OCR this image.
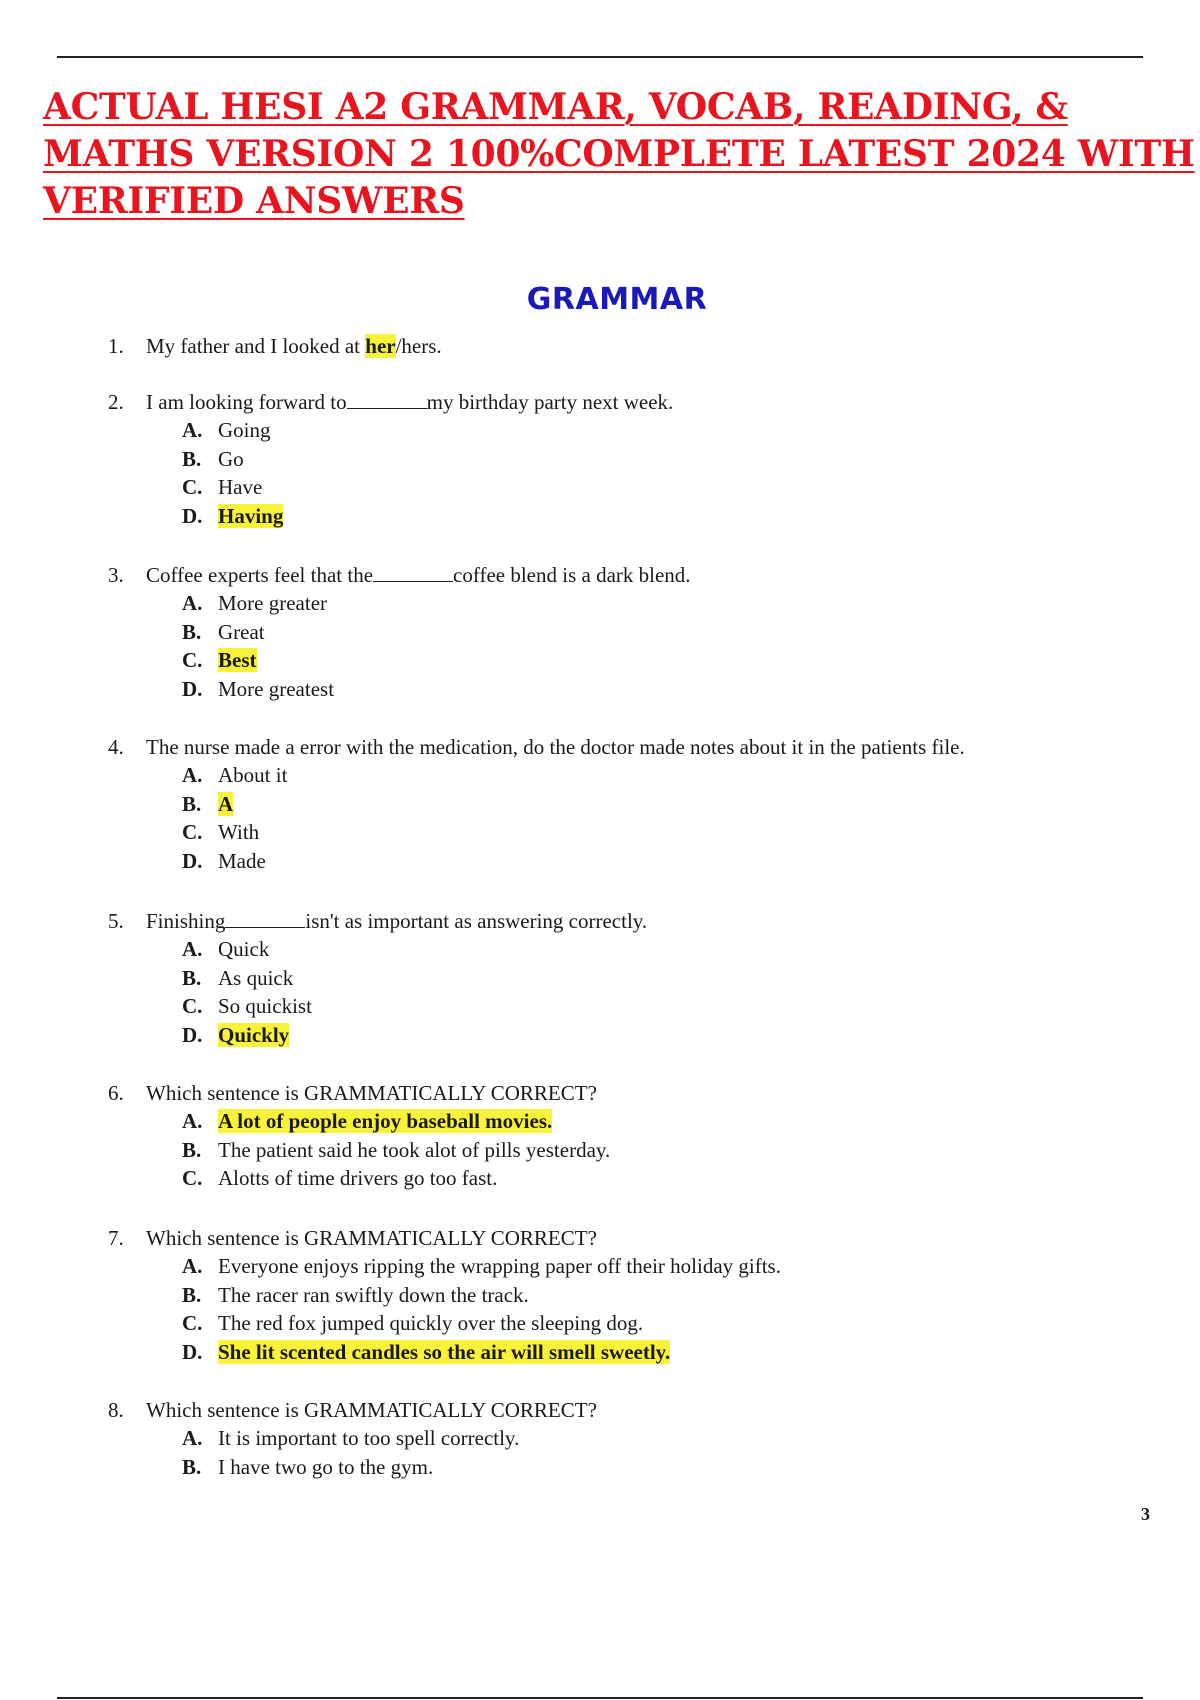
ACTUAL HESI A2 GRAMMAR, VOCAB, READING, &
MATHS VERSION 2 100%COMPLETE LATEST 2024 WITH
VERIFIED ANSWERS
GRAMMAR
1. My father and I looked at her/hers.
2. I am looking forward to	my birthday party next week.
A. Going
B. Go
C. Have
D. Having
3. Coffee experts feel that the	coffee blend is a dark blend.
A. More greater
B. Great
C. Best
D. More greatest
4. The nurse made a error with the medication, do the doctor made notes about it in the patients file.
A. About it
B. A
C. With
D. Made
5. Finishing	isn't as important as answering correctly.
A. Quick
B. As quick
C. So quickist
D. Quickly
6. Which sentence is GRAMMATICALLY CORRECT?
A. A lot of people enjoy baseball movies.
B. The patient said he took alot of pills yesterday.
C. Alotts of time drivers go too fast.
7. Which sentence is GRAMMATICALLY CORRECT?
A. Everyone enjoys ripping the wrapping paper off their holiday gifts.
B. The racer ran swiftly down the track.
C. The red fox jumped quickly over the sleeping dog.
D. She lit scented candles so the air will smell sweetly.
8. Which sentence is GRAMMATICALLY CORRECT?
A. It is important to too spell correctly.
B. I have two go to the gym.
3
